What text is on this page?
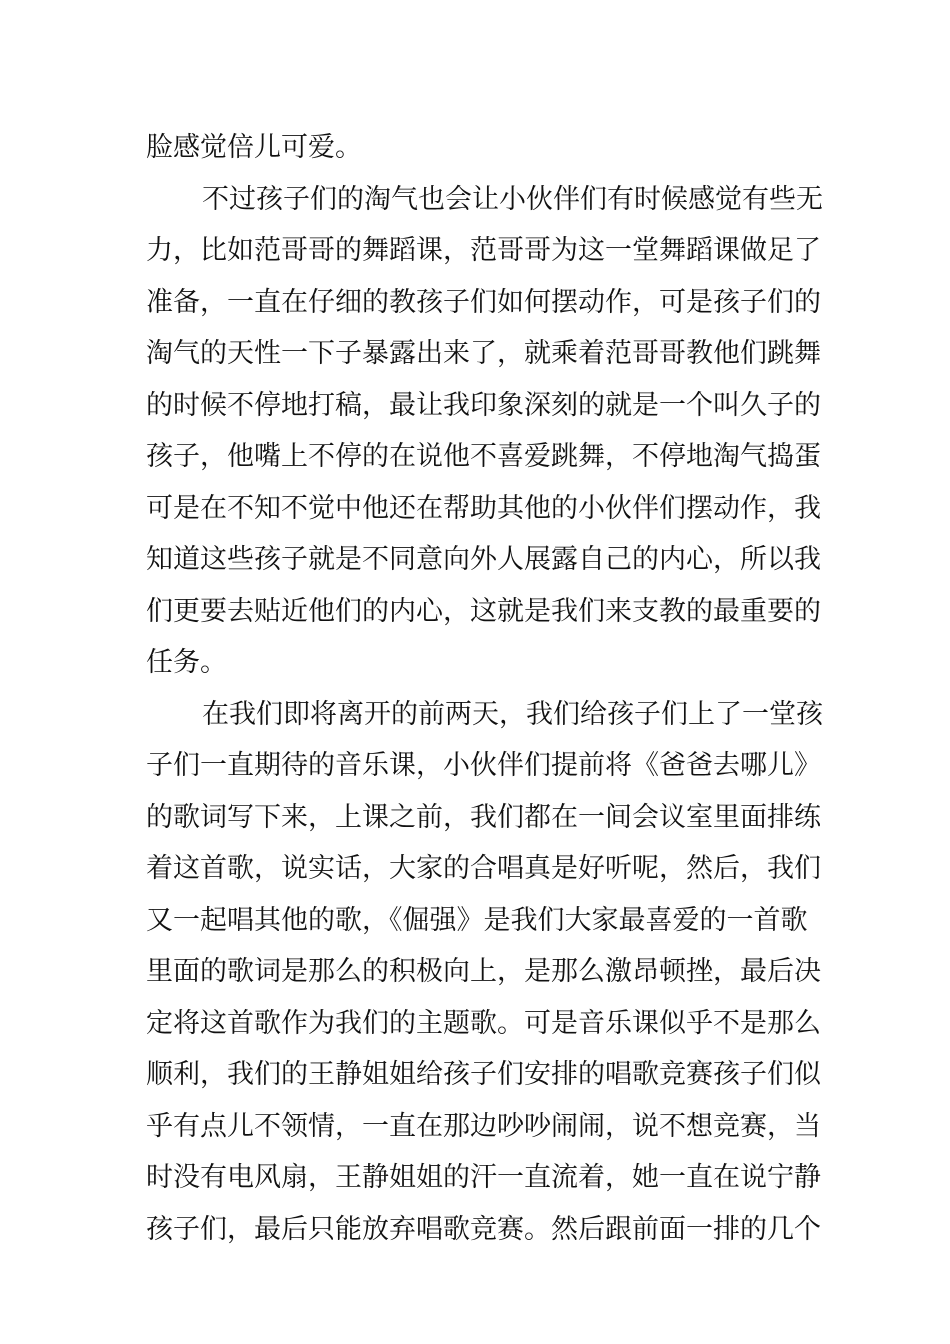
脸感觉倍儿可爱。
不过孩子们的淘气也会让小伙伴们有时候感觉有些无
力，比如范哥哥的舞蹈课，范哥哥为这一堂舞蹈课做足了
准备，一直在仔细的教孩子们如何摆动作，可是孩子们的
淘气的天性一下子暴露出来了，就乘着范哥哥教他们跳舞
的时候不停地打稿，最让我印象深刻的就是一个叫久子的
孩子，他嘴上不停的在说他不喜爱跳舞，不停地淘气捣蛋
可是在不知不觉中他还在帮助其他的小伙伴们摆动作，我
知道这些孩子就是不同意向外人展露自己的内心，所以我
们更要去贴近他们的内心，这就是我们来支教的最重要的
任务。
在我们即将离开的前两天，我们给孩子们上了一堂孩
子们一直期待的音乐课，小伙伴们提前将《爸爸去哪儿》
的歌词写下来，上课之前，我们都在一间会议室里面排练
着这首歌，说实话，大家的合唱真是好听呢，然后，我们
又一起唱其他的歌，《倔强》是我们大家最喜爱的一首歌
里面的歌词是那么的积极向上，是那么激昂顿挫，最后决
定将这首歌作为我们的主题歌。可是音乐课似乎不是那么
顺利，我们的王静姐姐给孩子们安排的唱歌竞赛孩子们似
乎有点儿不领情，一直在那边吵吵闹闹，说不想竞赛，当
时没有电风扇，王静姐姐的汗一直流着，她一直在说宁静
孩子们，最后只能放弃唱歌竞赛。然后跟前面一排的几个
